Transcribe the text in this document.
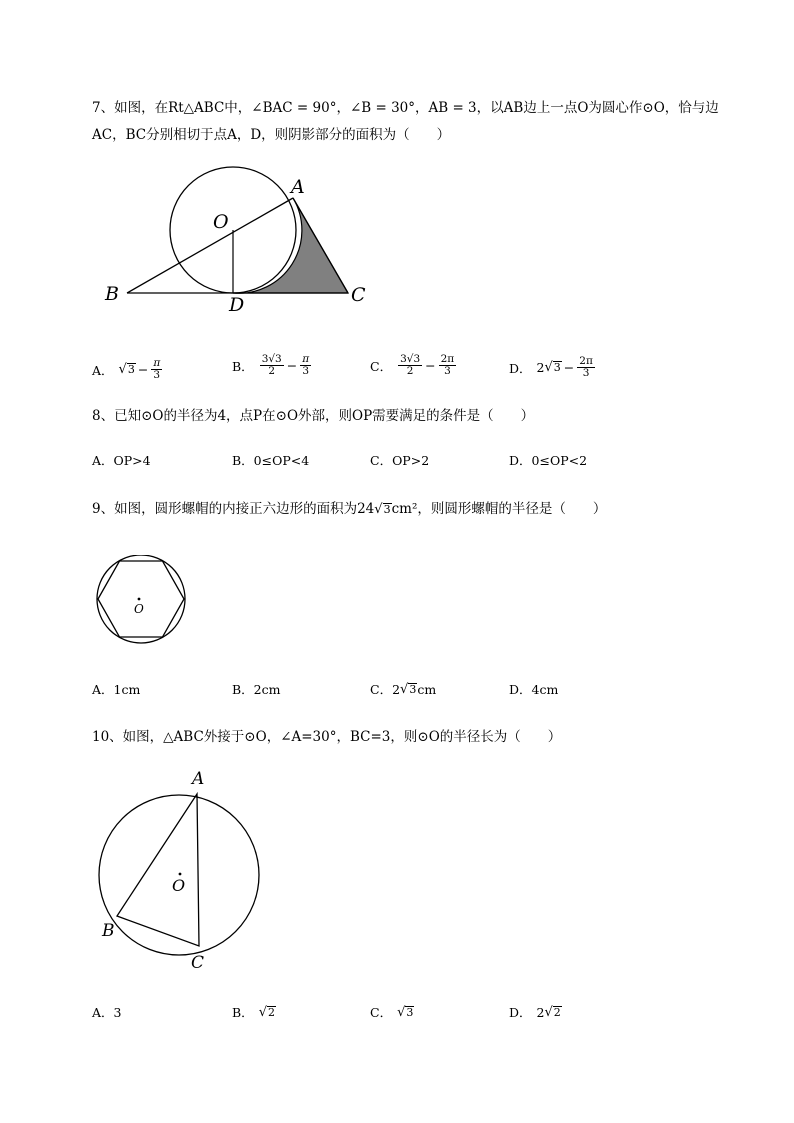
7、如图，在Rt△ABC中，∠BAC = 90°，∠B = 30°，AB = 3，以AB边上一点O为圆心作⊙O，恰与边
AC，BC分别相切于点A，D，则阴影部分的面积为（　　）
A
B	C
D
O
A． √ $3 - \frac{\pi}{3}$	B． $\frac{3√3}{2} - \frac{\pi}{3}$	C． $\frac{3√3}{2} - \frac{2\pi}{3}$	D． 2 √ $3 - \frac{2\pi}{3}$
8、已知⊙O的半径为4，点P在⊙O外部，则OP需要满足的条件是（　　）
A．OP>4	B．0≤OP<4	C．OP>2	D．0≤OP<2
9、如图，圆形螺帽的内接正六边形的面积为24 √ 3 cm²，则圆形螺帽的半径是（　　）
O
A．1cm	B．2cm	C．2 √ 3 cm	D．4cm
10、如图，△ABC外接于⊙O，∠A=30°，BC=3，则⊙O的半径长为（　　）
O
A
B
C
A．3	B． √ 2	C． √ 3	D． 2 √ 2
